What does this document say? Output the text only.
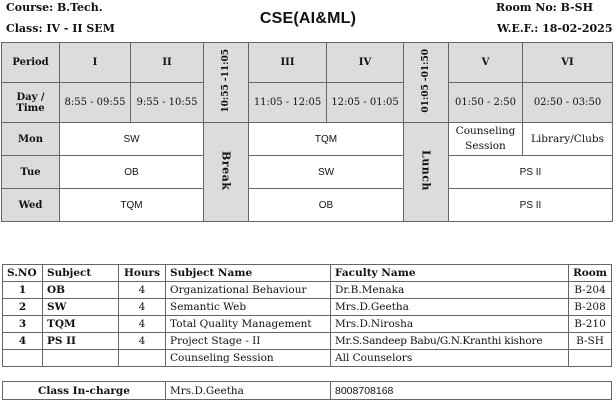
Course: B.Tech.
Class: IV - II SEM
CSE(AI&ML)
Room No: B-SH
W.E.F.: 18-02-2025
Period	I	II	10:55 -11:05	III	IV	01:05 -01:50	V	VI

Day /
Time	8:55 - 09:55	9:55 - 10:55		11:05 - 12:05	12:05 - 01:05		01:50 - 2:50	02:50 - 03:50
Mon	SW		Break	TQM		Lunch	Counseling Session	Library/Clubs
Tue	OB			SW			PS II	
Wed	TQM			OB			PS II	
S.NO	Subject	Hours	Subject Name	Faculty Name	Room
1	OB	4	Organizational Behaviour	Dr.B.Menaka	B-204
2	SW	4	Semantic Web	Mrs.D.Geetha	B-208
3	TQM	4	Total Quality Management	Mrs.D.Nirosha	B-210
4	PS II	4	Project Stage - II	Mr.S.Sandeep Babu/G.N.Kranthi kishore	B-SH
			Counseling Session	All Counselors	
Class In-charge	Mrs.D.Geetha	8008708168
